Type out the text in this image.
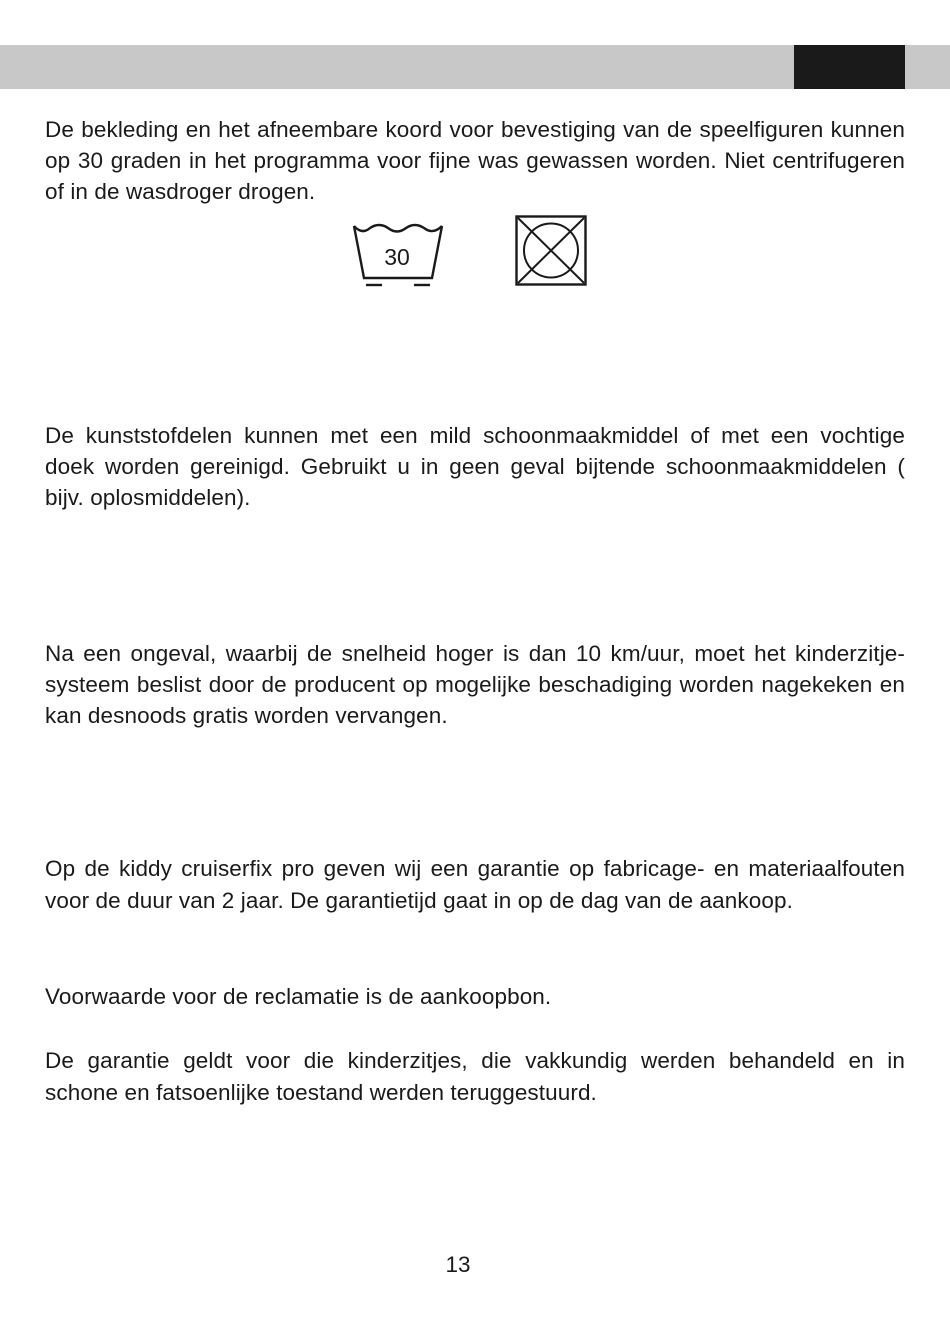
De bekleding en het afneembare koord voor bevestiging van de speelfiguren kunnen op 30 graden in het programma voor fijne was gewassen worden. Niet centrifugeren of in de wasdroger drogen.

30

De kunststofdelen kunnen met een mild schoonmaakmiddel of met een vochtige doek worden gereinigd. Gebruikt u in geen geval bijtende schoonmaakmiddelen ( bijv. oplosmiddelen).

Na een ongeval, waarbij de snelheid hoger is dan 10 km/uur, moet het kinderzitje-systeem beslist door de producent op mogelijke beschadiging worden nagekeken en kan desnoods gratis worden vervangen.

Op de kiddy cruiserfix pro geven wij een garantie op fabricage- en materiaalfouten voor de duur van 2 jaar. De garantietijd gaat in op de dag van de aankoop.

Voorwaarde voor de reclamatie is de aankoopbon.

De garantie geldt voor die kinderzitjes, die vakkundig werden behandeld en in schone en fatsoenlijke toestand werden teruggestuurd.

13
